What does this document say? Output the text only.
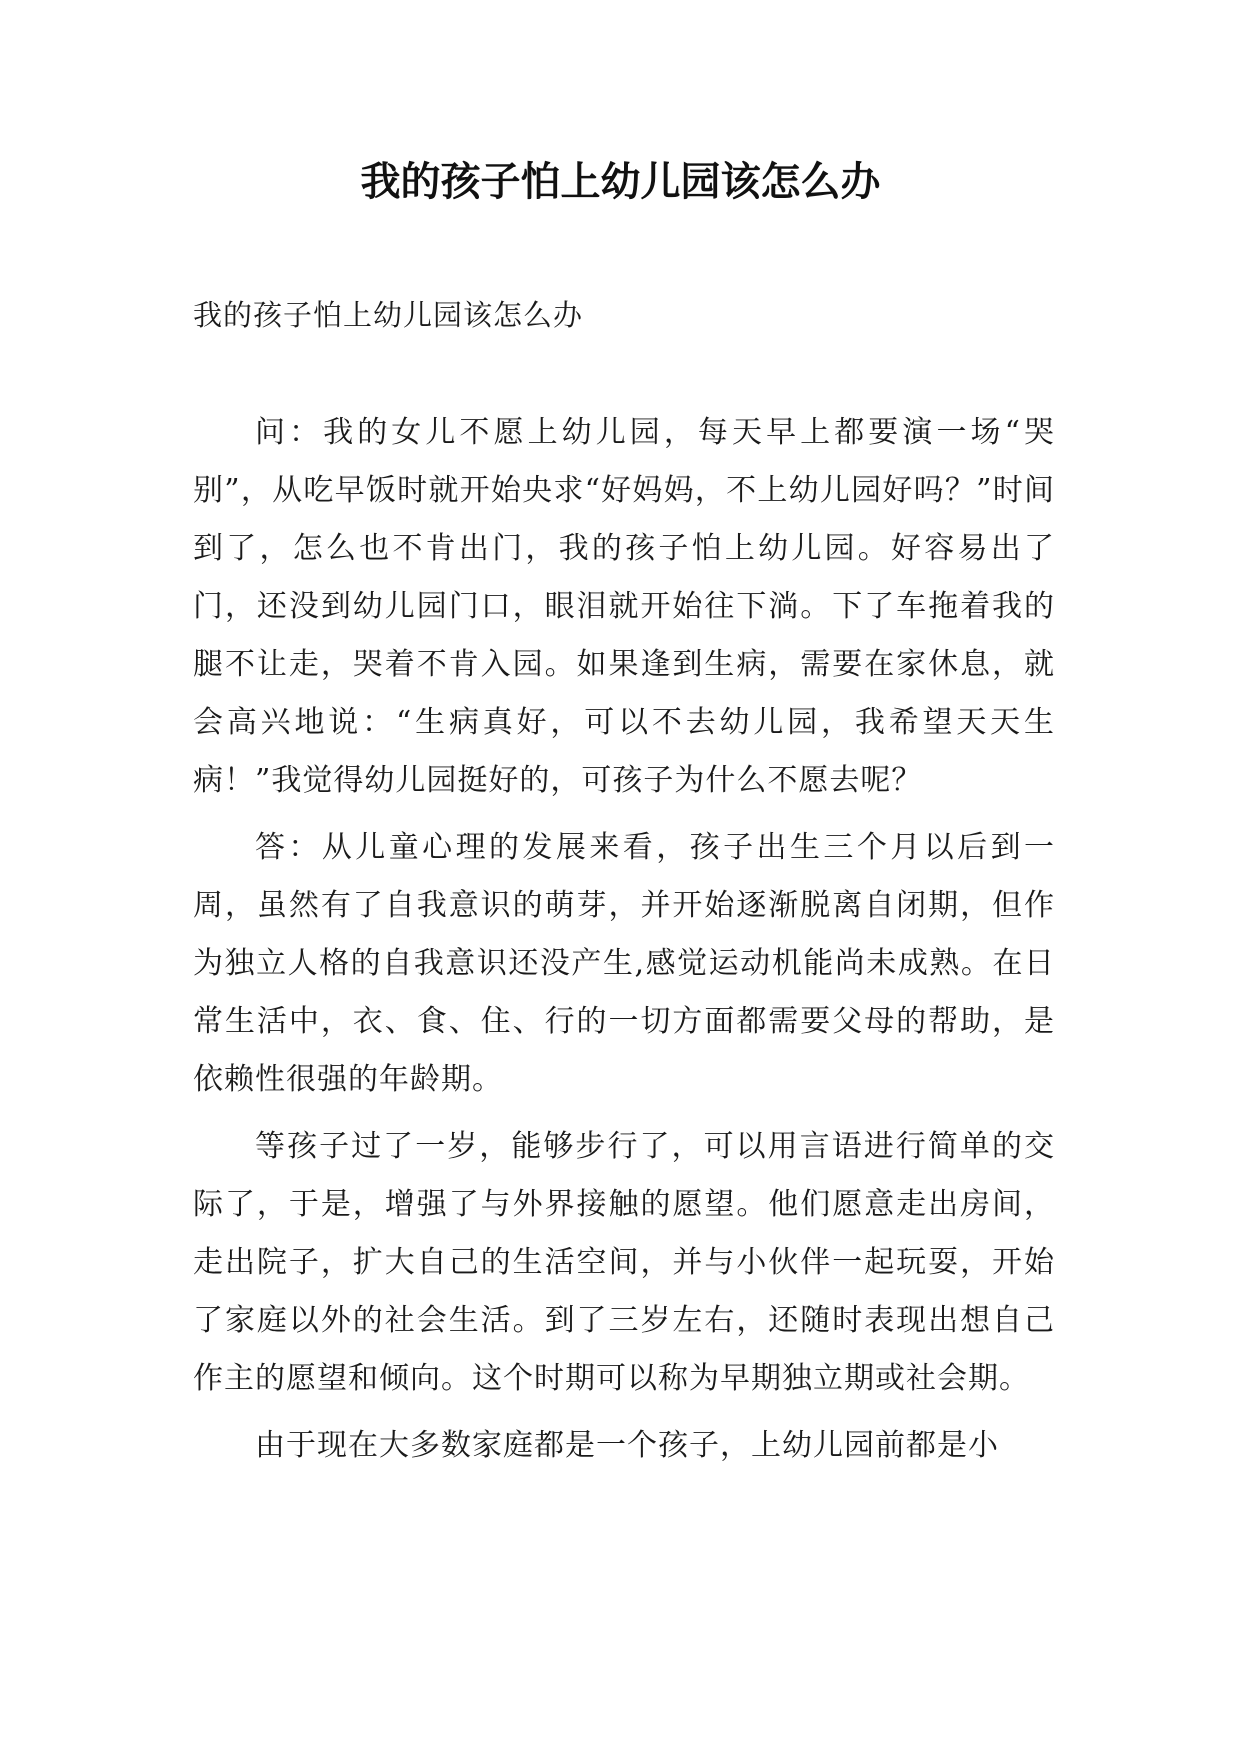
我的孩子怕上幼儿园该怎么办

我的孩子怕上幼儿园该怎么办

问：我的女儿不愿上幼儿园，每天早上都要演一场“哭别”，从吃早饭时就开始央求“好妈妈，不上幼儿园好吗？”时间到了，怎么也不肯出门，我的孩子怕上幼儿园。好容易出了门，还没到幼儿园门口，眼泪就开始往下淌。下了车拖着我的腿不让走，哭着不肯入园。如果逢到生病，需要在家休息，就会高兴地说：“生病真好，可以不去幼儿园，我希望天天生病！”我觉得幼儿园挺好的，可孩子为什么不愿去呢？

答：从儿童心理的发展来看，孩子出生三个月以后到一周，虽然有了自我意识的萌芽，并开始逐渐脱离自闭期，但作为独立人格的自我意识还没产生,感觉运动机能尚未成熟。在日常生活中，衣、食、住、行的一切方面都需要父母的帮助，是依赖性很强的年龄期。

等孩子过了一岁，能够步行了，可以用言语进行简单的交际了，于是，增强了与外界接触的愿望。他们愿意走出房间，走出院子，扩大自己的生活空间，并与小伙伴一起玩耍，开始了家庭以外的社会生活。到了三岁左右，还随时表现出想自己作主的愿望和倾向。这个时期可以称为早期独立期或社会期。

由于现在大多数家庭都是一个孩子，上幼儿园前都是小
